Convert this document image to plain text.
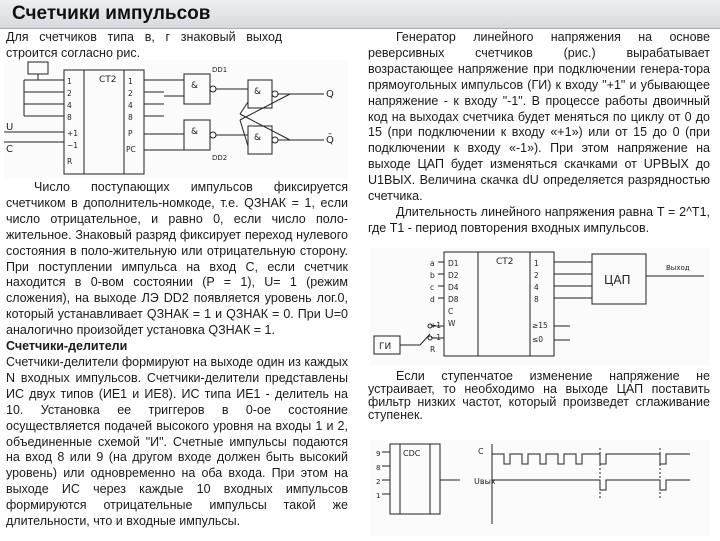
Счетчики импульсов

Для счетчиков типа в, г знаковый выход строится согласно рис.

CT2
1
2
4
8
+1
−1
R
1
2
4
8
P
PC
U
C
&
&
DD1
DD2
&
&
Q
Q̄

Число поступающих импульсов фиксируется счетчиком в дополнитель-номкоде, т.е. QЗНАК = 1, если число отрицательное, и равно 0, если число поло-жительное. Знаковый разряд фиксирует переход нулевого состояния в поло-жительную или отрицательную сторону. При поступлении импульса на вход С, если счетчик находится в 0-вом состоянии (P = 1), U= 1 (режим сложения), на выходе ЛЭ DD2 появляется уровень лог.0, который устанавливает QЗНАК = 1 и QЗНАК = 0. При U=0 аналогично произойдет установка QЗНАК = 1.

Счетчики-делители

Счетчики-делители формируют на выходе один из каждых N входных импульсов. Счетчики-делители представлены ИС двух типов (ИЕ1 и ИЕ8). ИС типа ИЕ1 - делитель на 10. Установка ее триггеров в 0-ое состояние осуществляется подачей высокого уровня на входы 1 и 2, объединенные схемой "И". Счетные импульсы подаются на вход 8 или 9 (на другом входе должен быть высокий уровень) или одновременно на оба входа. При этом на выходе ИС через каждые 10 входных импульсов формируются отрицательные импульсы такой же длительности, что и входные импульсы.

Генератор линейного напряжения на основе реверсивных счетчиков (рис.) вырабатывает возрастающее напряжение при подключении генера-тора прямоугольных импульсов (ГИ) к входу "+1" и убывающее напряжение - к входу "-1". В процессе работы двоичный код на выходах счетчика будет меняться по циклу от 0 до 15 (при подключении к входу «+1») или от 15 до 0 (при подключении к входу «-1»). При этом напряжение на выходе ЦАП будет изменяться скачками от UРВЫХ до U1ВЫХ. Величина скачка dU определяется разрядностью счетчика.

Длительность линейного напряжения равна T = 2^T1, где T1 - период повторения входных импульсов.

CT2
a
b
c
d
+1
−1
R
D1
D2
D4
D8
C
W
1
2
4
8
≥15
≤0
ЦАП
Выход
ГИ

Если ступенчатое изменение напряжение не устраивает, то необходимо на выходе ЦАП поставить фильтр низких частот, который произведет сглаживание ступенек.

CDC
9
8
2
1
C
Uвых
